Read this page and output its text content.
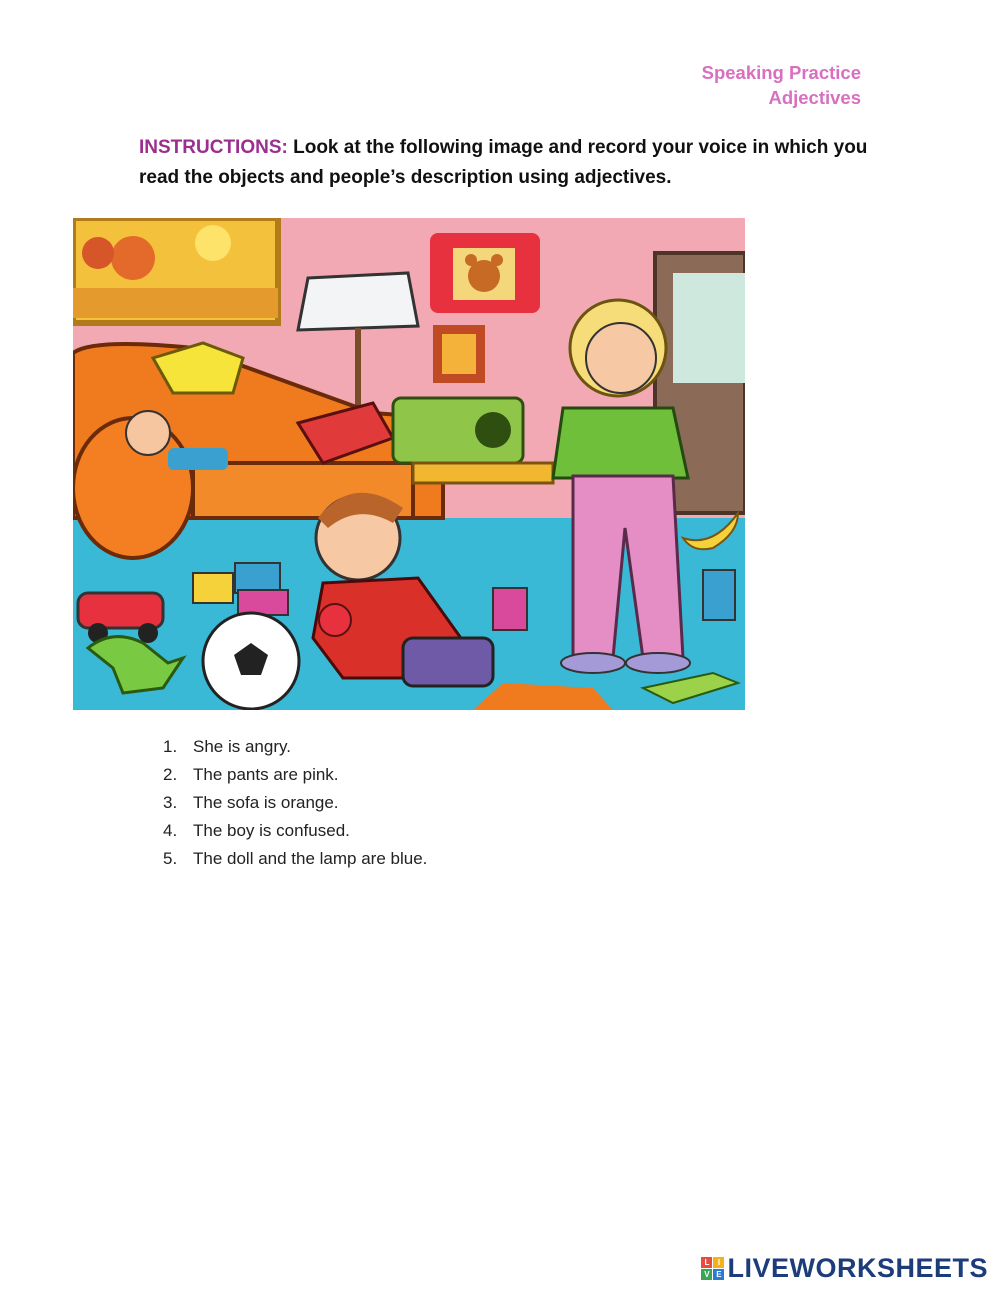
Speaking Practice
Adjectives
INSTRUCTIONS: Look at the following image and record your voice in which you read the objects and people’s description using adjectives.
1. She is angry.
2. The pants are pink.
3. The sofa is orange.
4. The boy is confused.
5. The doll and the lamp are blue.
L	I
V E LIVEWORKSHEETS
